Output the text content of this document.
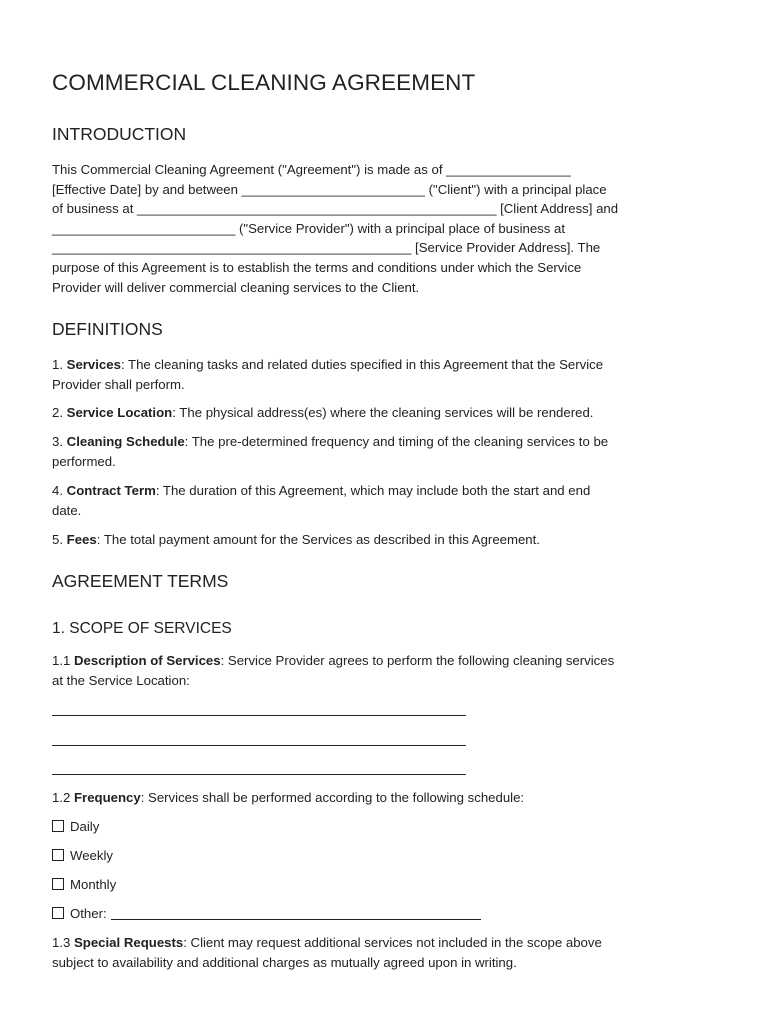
COMMERCIAL CLEANING AGREEMENT
INTRODUCTION
This Commercial Cleaning Agreement ("Agreement") is made as of _________________
[Effective Date] by and between _________________________ ("Client") with a principal place
of business at _________________________________________________ [Client Address] and
_________________________ ("Service Provider") with a principal place of business at
_________________________________________________ [Service Provider Address]. The
purpose of this Agreement is to establish the terms and conditions under which the Service
Provider will deliver commercial cleaning services to the Client.
DEFINITIONS
1. Services: The cleaning tasks and related duties specified in this Agreement that the Service
Provider shall perform.
2. Service Location: The physical address(es) where the cleaning services will be rendered.
3. Cleaning Schedule: The pre-determined frequency and timing of the cleaning services to be
performed.
4. Contract Term: The duration of this Agreement, which may include both the start and end
date.
5. Fees: The total payment amount for the Services as described in this Agreement.
AGREEMENT TERMS
1. SCOPE OF SERVICES
1.1 Description of Services: Service Provider agrees to perform the following cleaning services
at the Service Location:
1.2 Frequency: Services shall be performed according to the following schedule:
Daily
Weekly
Monthly
Other:
1.3 Special Requests: Client may request additional services not included in the scope above
subject to availability and additional charges as mutually agreed upon in writing.
